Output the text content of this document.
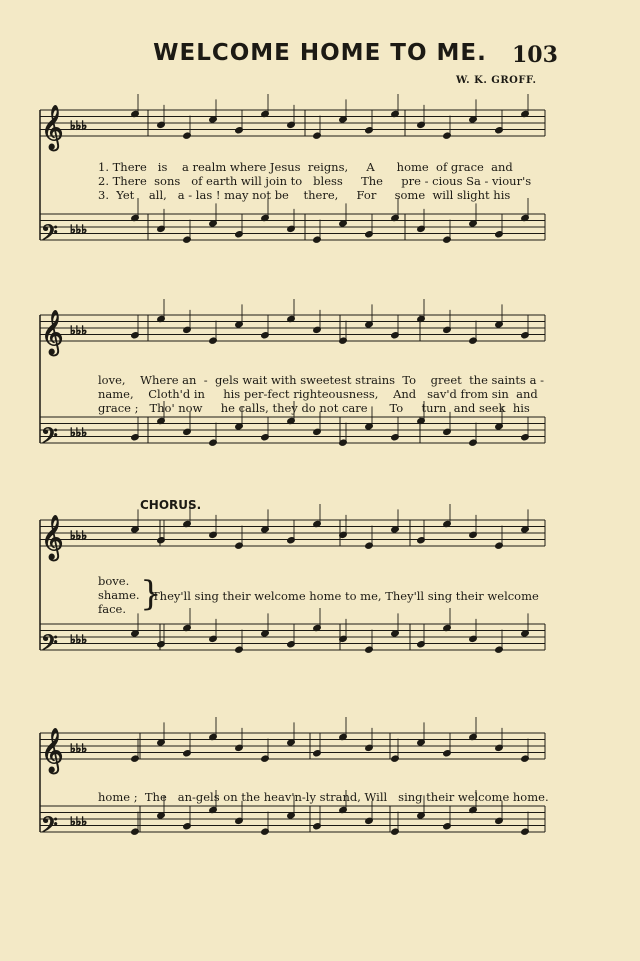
WELCOME HOME TO ME.	103
W. K. GROFF.
𝄞 ♭♭♭
𝄢 ♭♭♭
𝄞 ♭♭♭
𝄢 ♭♭♭
𝄞 ♭♭♭
𝄢 ♭♭♭
𝄞 ♭♭♭
𝄢 ♭♭♭
1. There   is    a realm where Jesus  reigns,     A      home  of grace  and
2. There  sons   of earth will join to   bless     The     pre - cious Sa - viour's
3.  Yet    all,   a - las ! may not be    there,     For     some  will slight his
love,    Where an  -  gels wait with sweetest strains  To    greet  the saints a -
name,    Cloth'd in     his per-fect righteousness,    And   sav'd from sin  and
grace ;   Tho' now     he calls, they do not care      To     turn  and seek  his
CHORUS.
bove.
shame.
face. }
They'll sing their welcome home to me, They'll sing their welcome
home ;  The   an-gels on the heav'n-ly strand, Will   sing their welcome home.
